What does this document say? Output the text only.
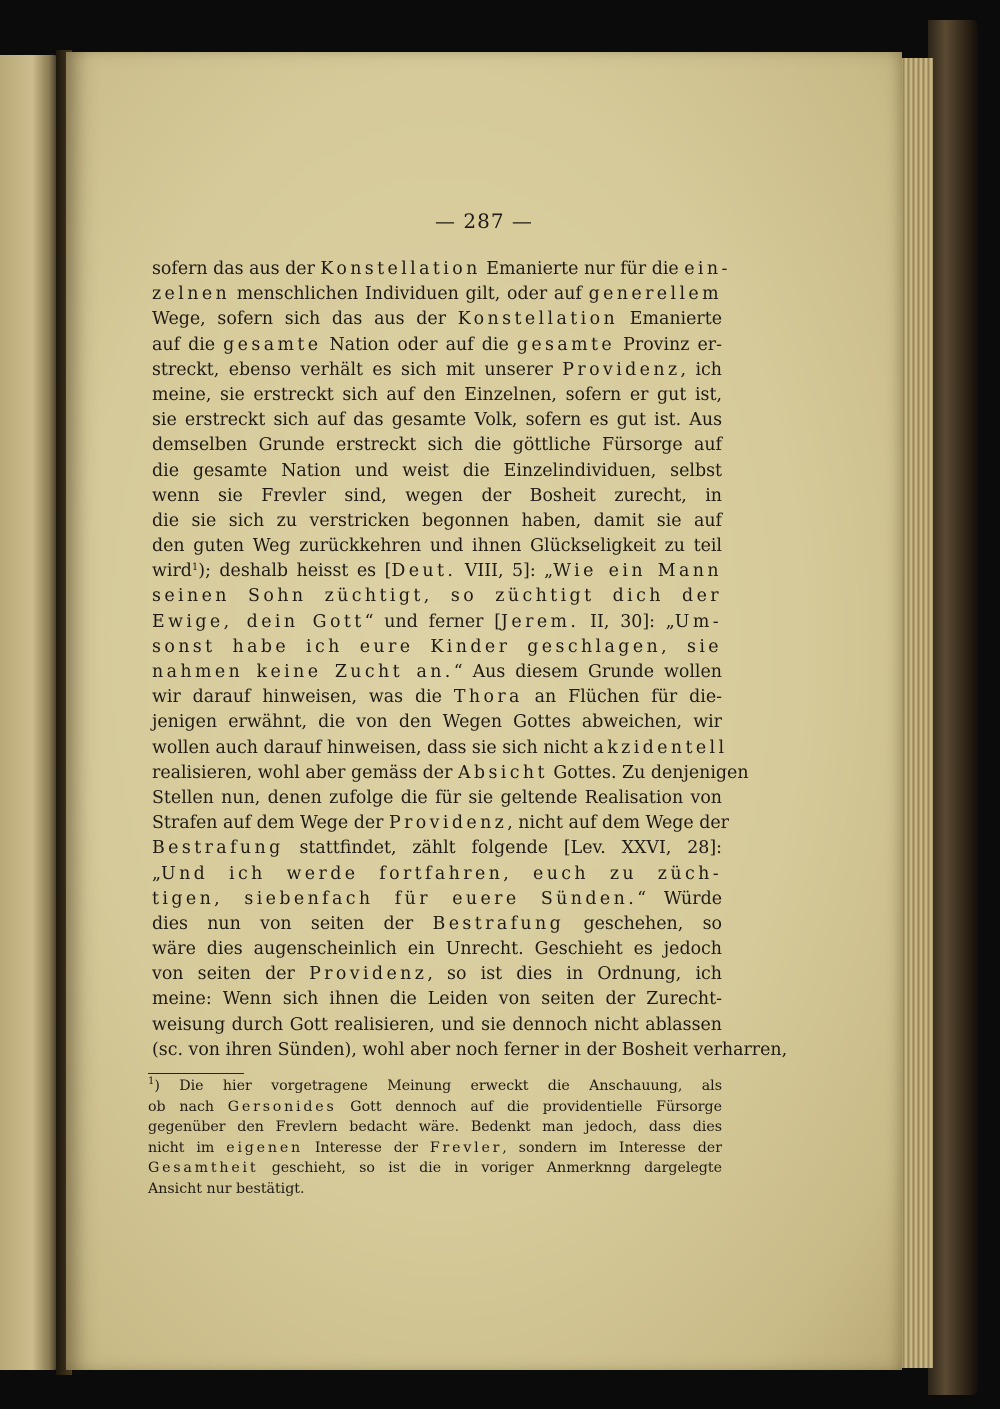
— 287 —
sofern das aus der Konstellation Emanierte nur für die ein-
zelnen menschlichen Individuen gilt, oder auf generellem
Wege, sofern sich das aus der Konstellation Emanierte
auf die gesamte Nation oder auf die gesamte Provinz er-
streckt, ebenso verhält es sich mit unserer Providenz, ich
meine, sie erstreckt sich auf den Einzelnen, sofern er gut ist,
sie erstreckt sich auf das gesamte Volk, sofern es gut ist. Aus
demselben Grunde erstreckt sich die göttliche Fürsorge auf
die gesamte Nation und weist die Einzelindividuen, selbst
wenn sie Frevler sind, wegen der Bosheit zurecht, in
die sie sich zu verstricken begonnen haben, damit sie auf
den guten Weg zurückkehren und ihnen Glückseligkeit zu teil
wird$^1$); deshalb heisst es [Deut. VIII, 5]: „Wie ein Mann
seinen Sohn züchtigt, so züchtigt dich der
Ewige, dein Gott“ und ferner [Jerem. II, 30]: „Um-
sonst habe ich eure Kinder geschlagen, sie
nahmen keine Zucht an.“ Aus diesem Grunde wollen
wir darauf hinweisen, was die Thora an Flüchen für die-
jenigen erwähnt, die von den Wegen Gottes abweichen, wir
wollen auch darauf hinweisen, dass sie sich nicht akzidentell
realisieren, wohl aber gemäss der Absicht Gottes. Zu denjenigen
Stellen nun, denen zufolge die für sie geltende Realisation von
Strafen auf dem Wege der Providenz, nicht auf dem Wege der
Bestrafung stattfindet, zählt folgende [Lev. XXVI, 28]:
„Und ich werde fortfahren, euch zu züch-
tigen, siebenfach für euere Sünden.“ Würde
dies nun von seiten der Bestrafung geschehen, so
wäre dies augenscheinlich ein Unrecht. Geschieht es jedoch
von seiten der Providenz, so ist dies in Ordnung, ich
meine: Wenn sich ihnen die Leiden von seiten der Zurecht-
weisung durch Gott realisieren, und sie dennoch nicht ablassen
(sc. von ihren Sünden), wohl aber noch ferner in der Bosheit verharren,
$^1$) Die hier vorgetragene Meinung erweckt die Anschauung, als
ob nach Gersonides Gott dennoch auf die providentielle Fürsorge
gegenüber den Frevlern bedacht wäre. Bedenkt man jedoch, dass dies
nicht im eigenen Interesse der Frevler, sondern im Interesse der
Gesamtheit geschieht, so ist die in voriger Anmerknng dargelegte
Ansicht nur bestätigt.
